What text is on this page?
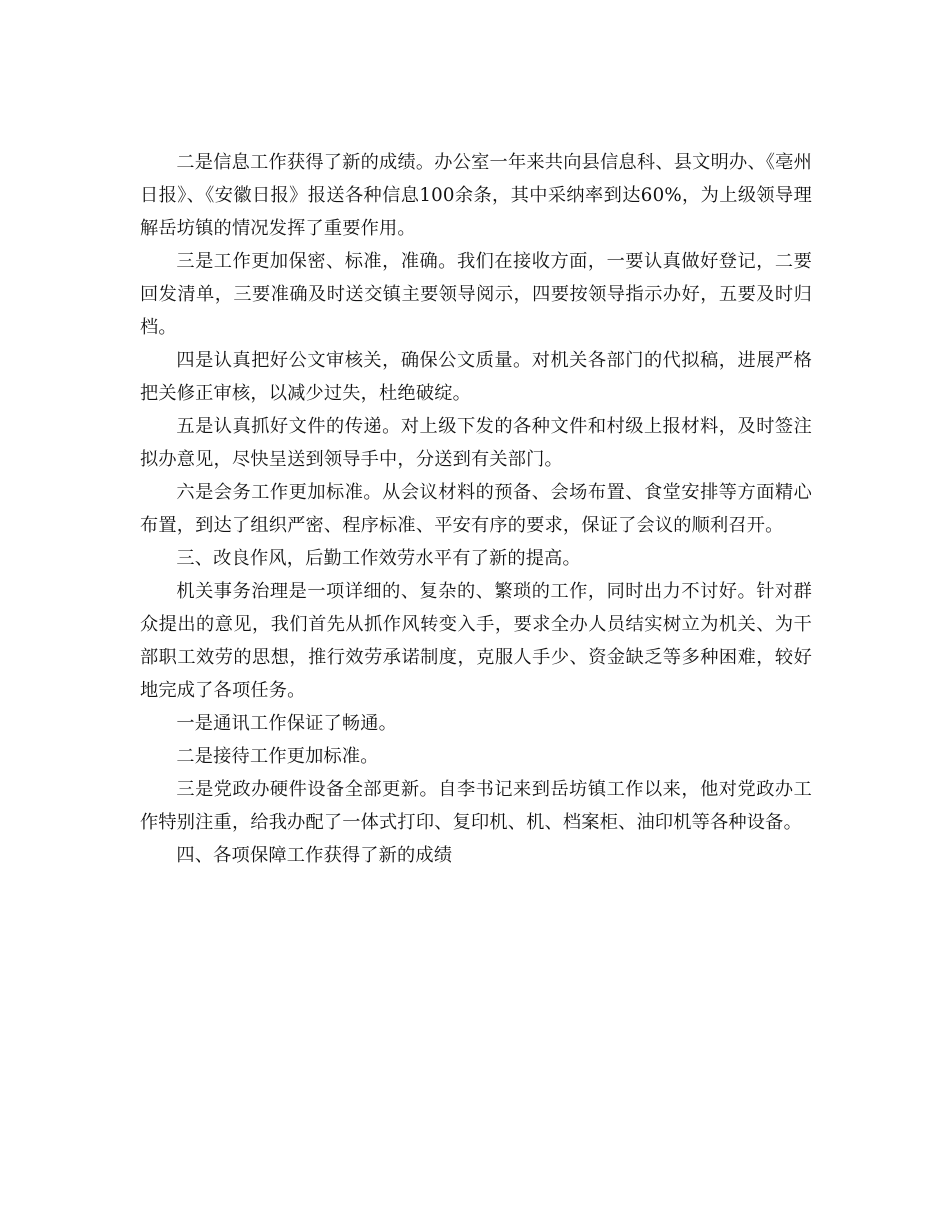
二是信息工作获得了新的成绩。办公室一年来共向县信息科、县文明办、《亳州日报》、《安徽日报》报送各种信息100余条，其中采纳率到达60%，为上级领导理解岳坊镇的情况发挥了重要作用。

三是工作更加保密、标准，准确。我们在接收方面，一要认真做好登记，二要回发清单，三要准确及时送交镇主要领导阅示，四要按领导指示办好，五要及时归档。

四是认真把好公文审核关，确保公文质量。对机关各部门的代拟稿，进展严格把关修正审核，以减少过失，杜绝破绽。

五是认真抓好文件的传递。对上级下发的各种文件和村级上报材料，及时签注拟办意见，尽快呈送到领导手中，分送到有关部门。

六是会务工作更加标准。从会议材料的预备、会场布置、食堂安排等方面精心布置，到达了组织严密、程序标准、平安有序的要求，保证了会议的顺利召开。

三、改良作风，后勤工作效劳水平有了新的提高。

机关事务治理是一项详细的、复杂的、繁琐的工作，同时出力不讨好。针对群众提出的意见，我们首先从抓作风转变入手，要求全办人员结实树立为机关、为干部职工效劳的思想，推行效劳承诺制度，克服人手少、资金缺乏等多种困难，较好地完成了各项任务。

一是通讯工作保证了畅通。

二是接待工作更加标准。

三是党政办硬件设备全部更新。自李书记来到岳坊镇工作以来，他对党政办工作特别注重，给我办配了一体式打印、复印机、机、档案柜、油印机等各种设备。

四、各项保障工作获得了新的成绩
